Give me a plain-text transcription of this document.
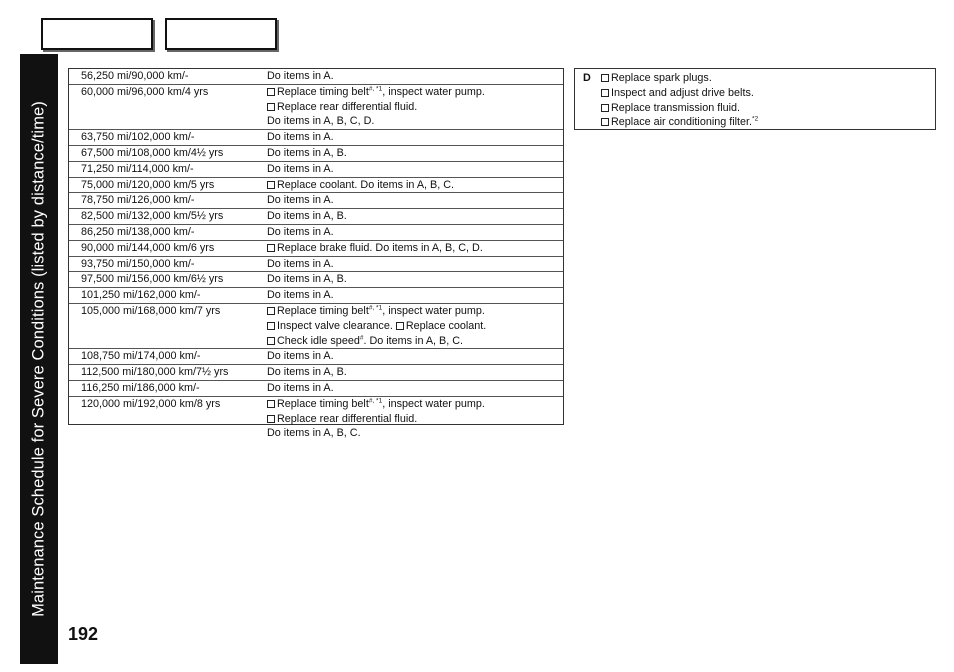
Maintenance Schedule for Severe Conditions (listed by distance/time)
192
56,250 mi/90,000 km/-	Do items in A.
60,000 mi/96,000 km/4 yrs	Replace timing belt$^{\#, *1}$, inspect water pump.
Replace rear differential fluid.
Do items in A, B, C, D.
63,750 mi/102,000 km/-	Do items in A.
67,500 mi/108,000 km/4½ yrs	Do items in A, B.
71,250 mi/114,000 km/-	Do items in A.
75,000 mi/120,000 km/5 yrs	Replace coolant. Do items in A, B, C.
78,750 mi/126,000 km/-	Do items in A.
82,500 mi/132,000 km/5½ yrs	Do items in A, B.
86,250 mi/138,000 km/-	Do items in A.
90,000 mi/144,000 km/6 yrs	Replace brake fluid. Do items in A, B, C, D.
93,750 mi/150,000 km/-	Do items in A.
97,500 mi/156,000 km/6½ yrs	Do items in A, B.
101,250 mi/162,000 km/-	Do items in A.
105,000 mi/168,000 km/7 yrs	Replace timing belt$^{\#, *1}$, inspect water pump.
Inspect valve clearance. Replace coolant.
Check idle speed#. Do items in A, B, C.
108,750 mi/174,000 km/-	Do items in A.
112,500 mi/180,000 km/7½ yrs	Do items in A, B.
116,250 mi/186,000 km/-	Do items in A.
120,000 mi/192,000 km/8 yrs	Replace timing belt$^{\#, *1}$, inspect water pump.
Replace rear differential fluid.
Do items in A, B, C.
D	Replace spark plugs.
Inspect and adjust drive belts.
Replace transmission fluid.
Replace air conditioning filter.$^{*2}$
